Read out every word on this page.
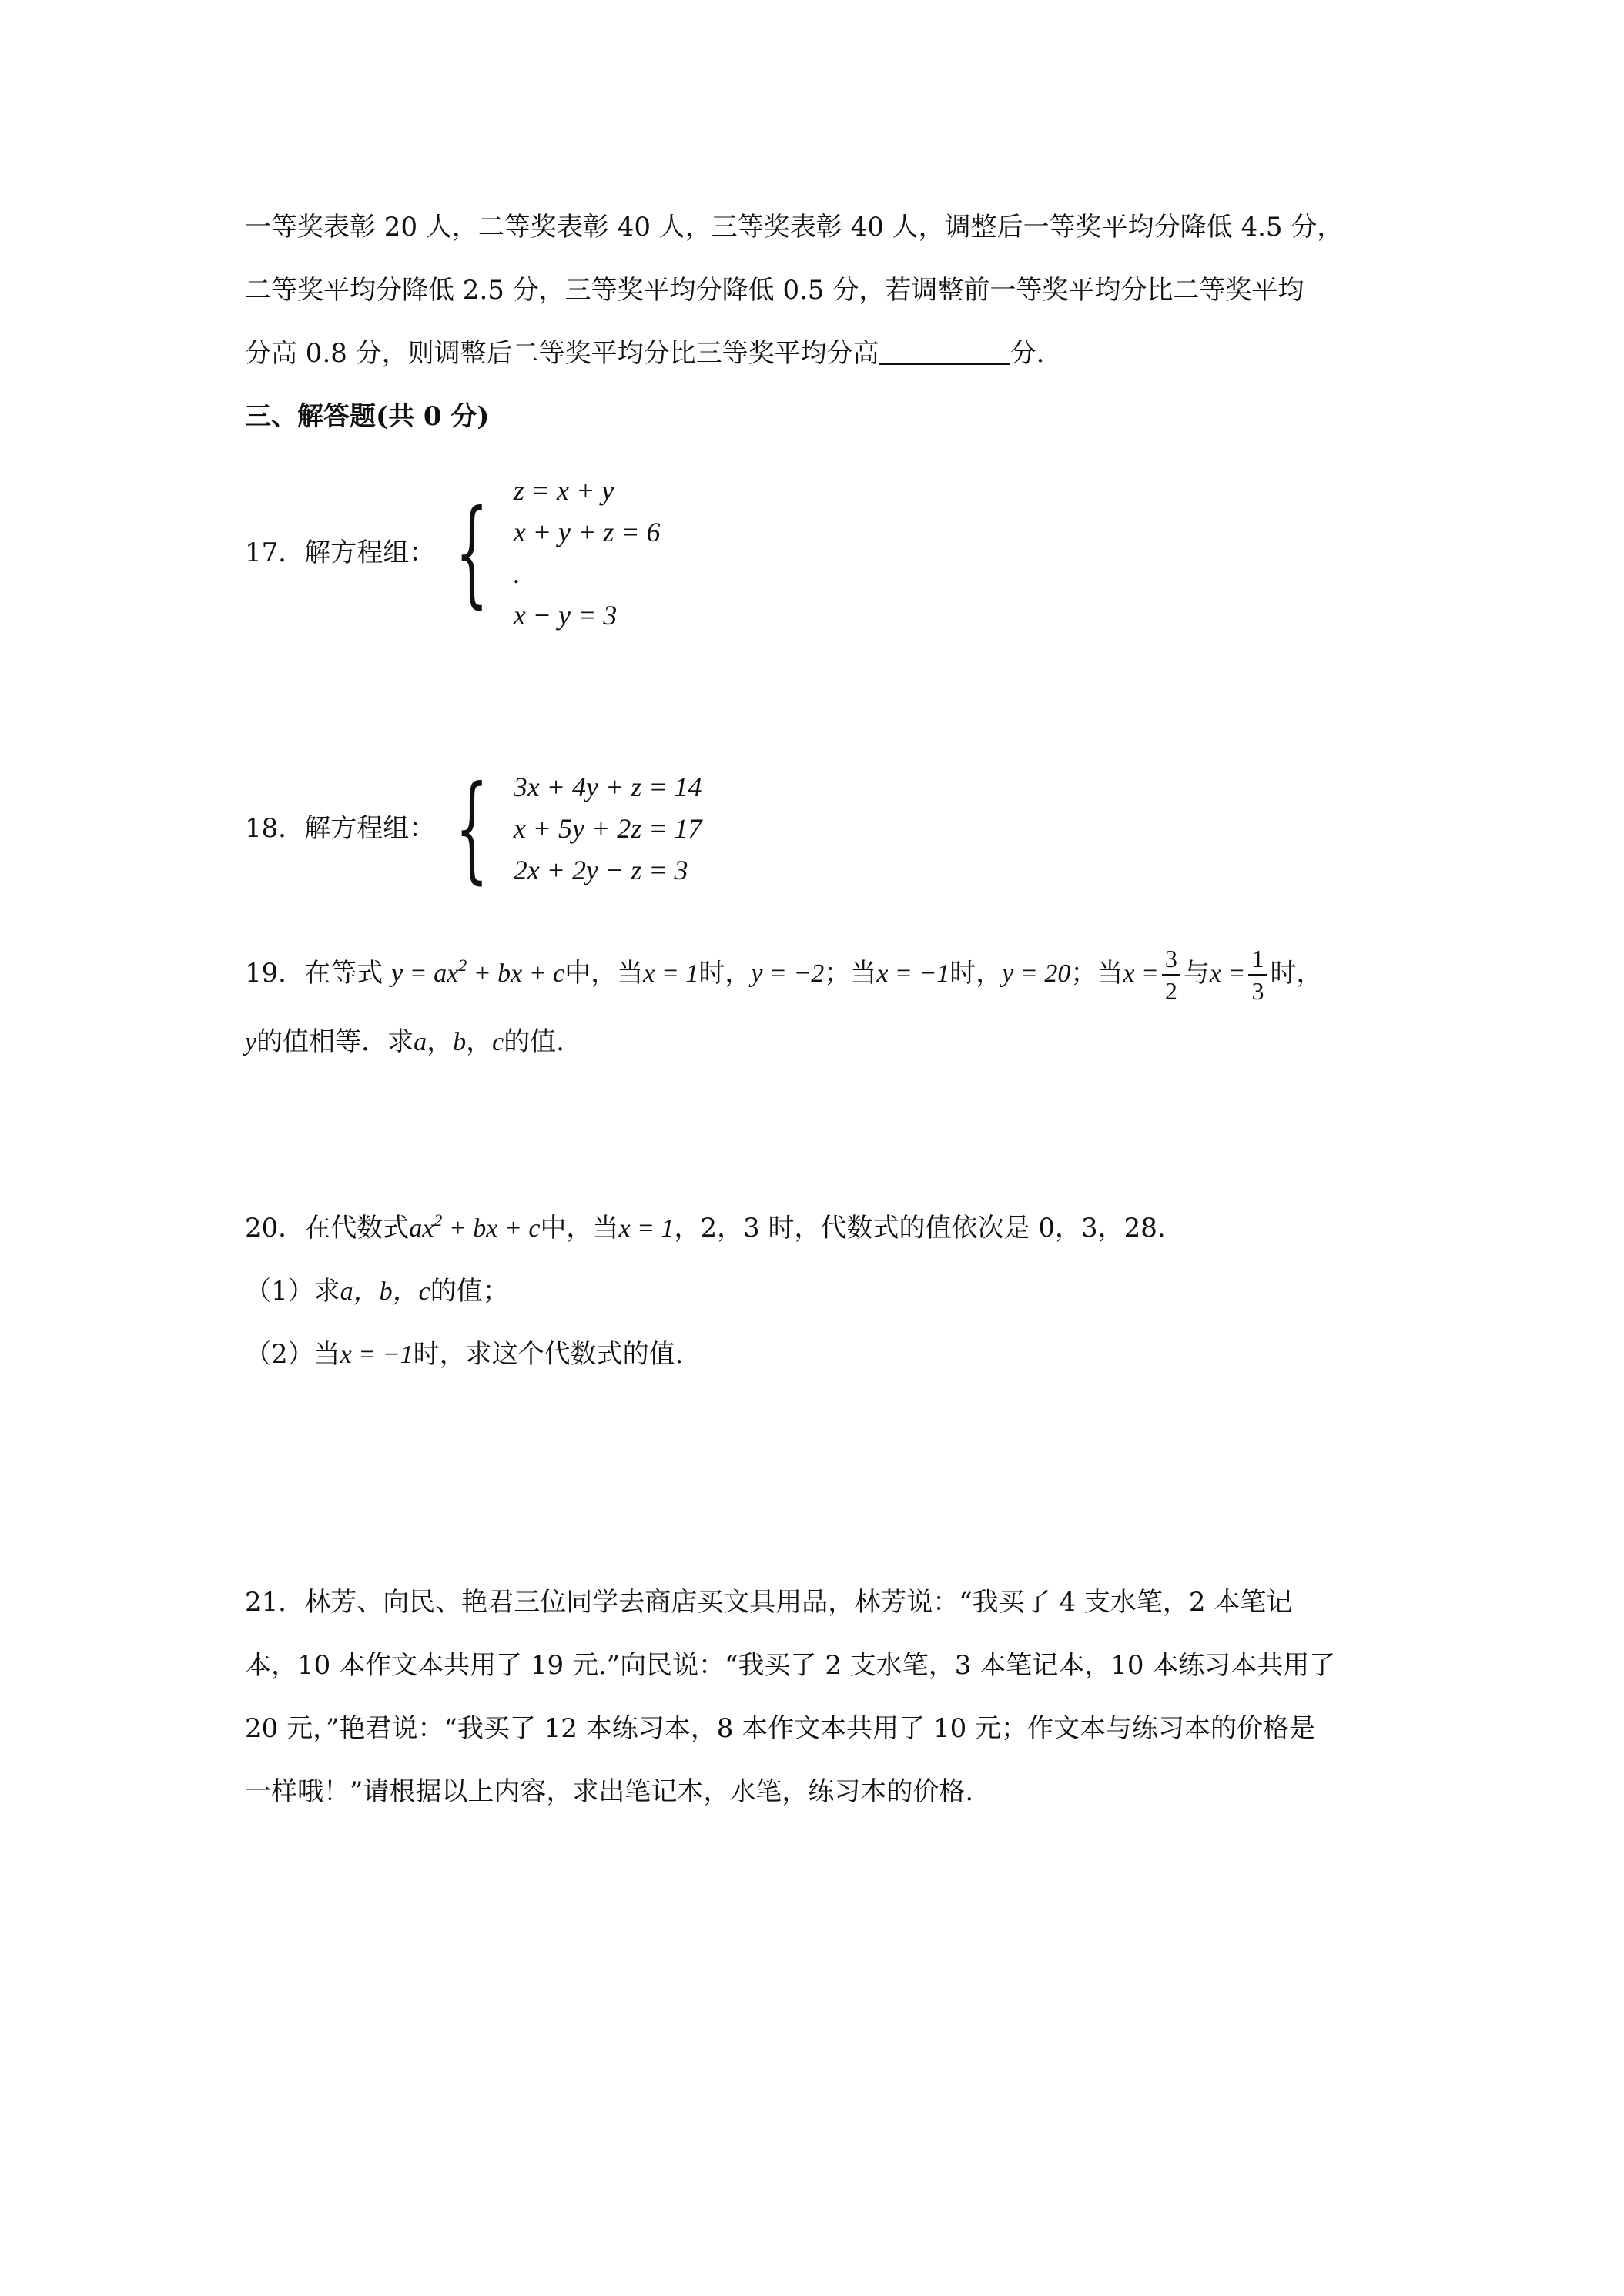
一等奖表彰 20 人，二等奖表彰 40 人，三等奖表彰 40 人，调整后一等奖平均分降低 4.5 分，
二等奖平均分降低 2.5 分，三等奖平均分降低 0.5 分，若调整前一等奖平均分比二等奖平均
分高 0.8 分，则调整后二等奖平均分比三等奖平均分高	分.
三、解答题(共 0 分)
17．解方程组： { z = x + y
x + y + z = 6
.
x − y = 3
18．解方程组： { 3x + 4y + z = 14
x + 5y + 2z = 17
2x + 2y − z = 3
19．在等式 $y = ax^2$ + bx + c中，当x = 1时，y = −2；当x = −1时，y = 20；当$x = \frac{3}{2}$ 与$x = \frac{1}{3}$ 时，
y的值相等．求a，b，c的值.
20．在代数式$ax^2$ + bx + c中，当x = 1，2，3 时，代数式的值依次是 0，3，28.
（1）求a，b，c的值；
（2）当x = −1时，求这个代数式的值.
21．林芳、向民、艳君三位同学去商店买文具用品，林芳说：“我买了 4 支水笔，2 本笔记
本，10 本作文本共用了 19 元.”向民说：“我买了 2 支水笔，3 本笔记本，10 本练习本共用了
20 元，”艳君说：“我买了 12 本练习本，8 本作文本共用了 10 元；作文本与练习本的价格是
一样哦！”请根据以上内容，求出笔记本，水笔，练习本的价格.
